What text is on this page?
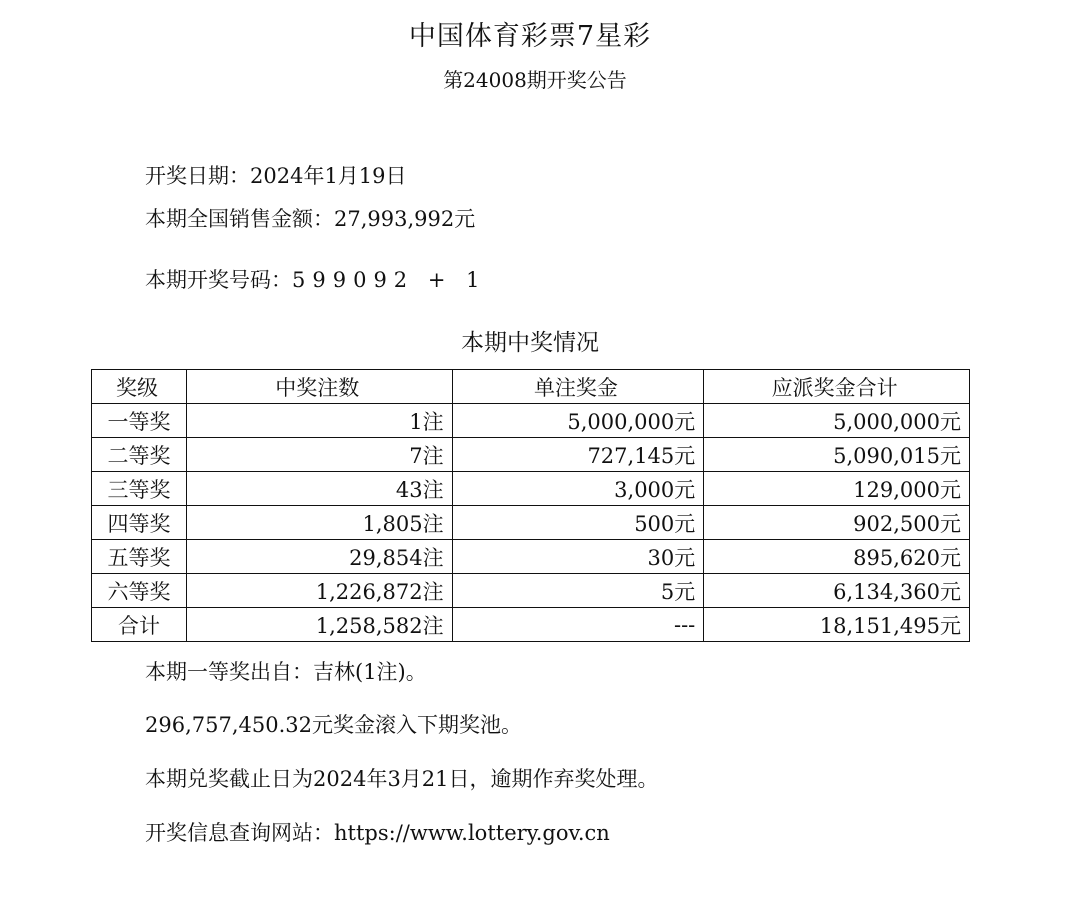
中国体育彩票7星彩
第24008期开奖公告
开奖日期：2024年1月19日
本期全国销售金额：27,993,992元
本期开奖号码：599092 + 1
本期中奖情况
奖级	中奖注数	单注奖金	应派奖金合计
一等奖	1注	5,000,000元	5,000,000元
二等奖	7注	727,145元	5,090,015元
三等奖	43注	3,000元	129,000元
四等奖	1,805注	500元	902,500元
五等奖	29,854注	30元	895,620元
六等奖	1,226,872注	5元	6,134,360元
合计	1,258,582注	---	18,151,495元
本期一等奖出自：吉林(1注)。
296,757,450.32元奖金滚入下期奖池。
本期兑奖截止日为2024年3月21日，逾期作弃奖处理。
开奖信息查询网站：https://www.lottery.gov.cn
